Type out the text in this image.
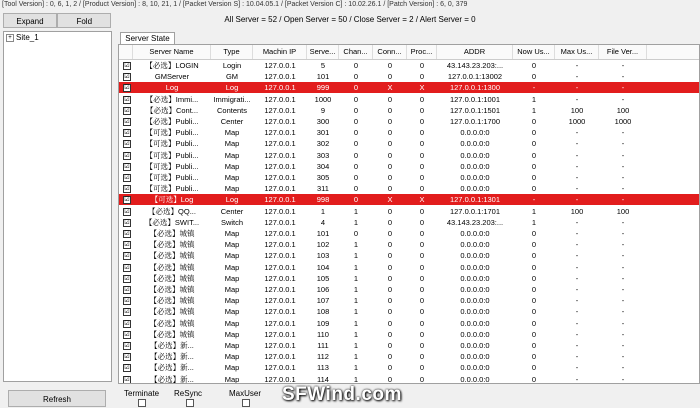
[Tool Version] : 0, 6, 1, 2 / [Product Version] : 8, 10, 21, 1 / [Packet Version S] : 10.04.05.1 / [Packet Version C] : 10.02.26.1 / [Patch Version] : 6, 0, 379
Expand	Fold	All Server = 52 / Open Server = 50 / Close Server = 2 / Alert Server = 0
+ Site_1	Server State
Server Name	Type	Machin IP	Serve...	Chan...	Conn...	Proc...	ADDR	Now Us...	Max Us...	File Ver...
☑	【必选】LOGIN	Login	127.0.0.1	5	0	0	0	43.143.23.203:...	0	-	-
☑	GMServer	GM	127.0.0.1	101	0	0	0	127.0.0.1:13002	0	-	-
☑	Log	Log	127.0.0.1	999	0	X	X	127.0.0.1:1300	-	-	-
☑	【必选】Immi...	Immigrati...	127.0.0.1	1000	0	0	0	127.0.0.1:1001	1	-	-
☑	【必选】Cont...	Contents	127.0.0.1	9	0	0	0	127.0.0.1:1501	1	100	100
☑	【必选】Publi...	Center	127.0.0.1	300	0	0	0	127.0.0.1:1700	0	1000	1000
☑	【可选】Publi...	Map	127.0.0.1	301	0	0	0	0.0.0.0:0	0	-	-
☑	【可选】Publi...	Map	127.0.0.1	302	0	0	0	0.0.0.0:0	0	-	-
☑	【可选】Publi...	Map	127.0.0.1	303	0	0	0	0.0.0.0:0	0	-	-
☑	【可选】Publi...	Map	127.0.0.1	304	0	0	0	0.0.0.0:0	0	-	-
☑	【可选】Publi...	Map	127.0.0.1	305	0	0	0	0.0.0.0:0	0	-	-
☑	【可选】Publi...	Map	127.0.0.1	311	0	0	0	0.0.0.0:0	0	-	-
☑	【可选】Log	Log	127.0.0.1	998	0	X	X	127.0.0.1:1301	-	-	-
☑	【必选】QQ...	Center	127.0.0.1	1	1	0	0	127.0.0.1:1701	1	100	100
☑	【必选】SWIT...	Switch	127.0.0.1	4	1	0	0	43.143.23.203:...	1	-	-
☑	【必选】城镇	Map	127.0.0.1	101	0	0	0	0.0.0.0:0	0	-	-
☑	【必选】城镇	Map	127.0.0.1	102	1	0	0	0.0.0.0:0	0	-	-
☑	【必选】城镇	Map	127.0.0.1	103	1	0	0	0.0.0.0:0	0	-	-
☑	【必选】城镇	Map	127.0.0.1	104	1	0	0	0.0.0.0:0	0	-	-
☑	【必选】城镇	Map	127.0.0.1	105	1	0	0	0.0.0.0:0	0	-	-
☑	【必选】城镇	Map	127.0.0.1	106	1	0	0	0.0.0.0:0	0	-	-
☑	【必选】城镇	Map	127.0.0.1	107	1	0	0	0.0.0.0:0	0	-	-
☑	【必选】城镇	Map	127.0.0.1	108	1	0	0	0.0.0.0:0	0	-	-
☑	【必选】城镇	Map	127.0.0.1	109	1	0	0	0.0.0.0:0	0	-	-
☑	【必选】城镇	Map	127.0.0.1	110	1	0	0	0.0.0.0:0	0	-	-
☑	【必选】新...	Map	127.0.0.1	111	1	0	0	0.0.0.0:0	0	-	-
☑	【必选】新...	Map	127.0.0.1	112	1	0	0	0.0.0.0:0	0	-	-
☑	【必选】新...	Map	127.0.0.1	113	1	0	0	0.0.0.0:0	0	-	-
☑	【必选】新...	Map	127.0.0.1	114	1	0	0	0.0.0.0:0	0	-	-
Refresh
Terminate ReSync	MaxUser SFWind.com
